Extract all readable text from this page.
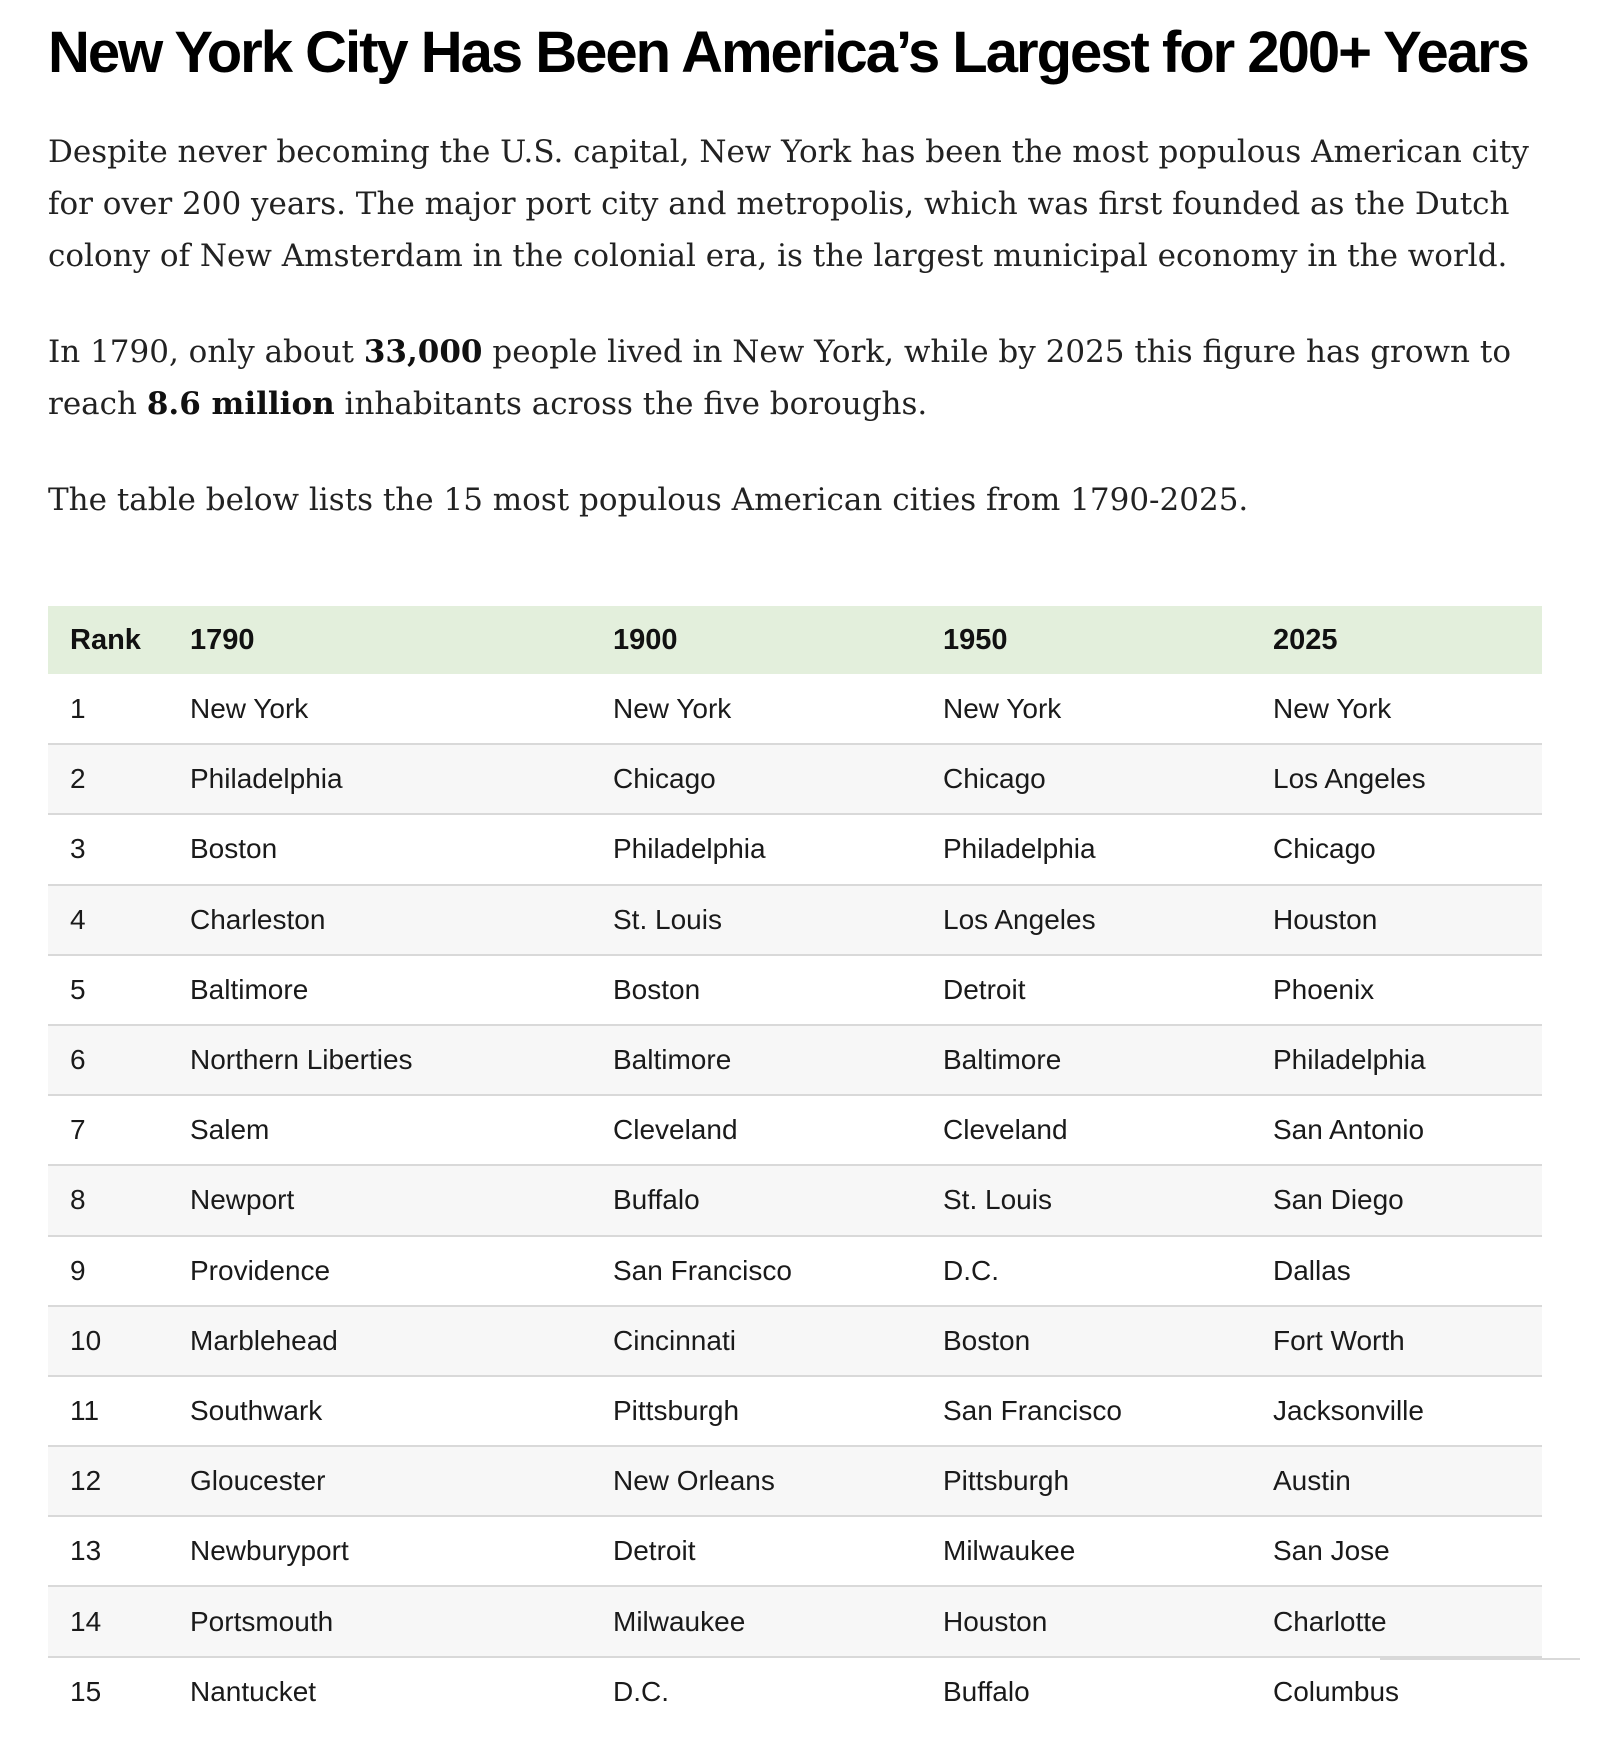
New York City Has Been America’s Largest for 200+ Years

Despite never becoming the U.S. capital, New York has been the most populous American city for over 200 years. The major port city and metropolis, which was first founded as the Dutch colony of New Amsterdam in the colonial era, is the largest municipal economy in the world.

In 1790, only about 33,000 people lived in New York, while by 2025 this figure has grown to reach 8.6 million inhabitants across the five boroughs.

The table below lists the 15 most populous American cities from 1790-2025.

Rank	1790	1900	1950	2025
1	New York	New York	New York	New York
2	Philadelphia	Chicago	Chicago	Los Angeles
3	Boston	Philadelphia	Philadelphia	Chicago
4	Charleston	St. Louis	Los Angeles	Houston
5	Baltimore	Boston	Detroit	Phoenix
6	Northern Liberties	Baltimore	Baltimore	Philadelphia
7	Salem	Cleveland	Cleveland	San Antonio
8	Newport	Buffalo	St. Louis	San Diego
9	Providence	San Francisco	D.C.	Dallas
10	Marblehead	Cincinnati	Boston	Fort Worth
11	Southwark	Pittsburgh	San Francisco	Jacksonville
12	Gloucester	New Orleans	Pittsburgh	Austin
13	Newburyport	Detroit	Milwaukee	San Jose
14	Portsmouth	Milwaukee	Houston	Charlotte
15	Nantucket	D.C.	Buffalo	Columbus
